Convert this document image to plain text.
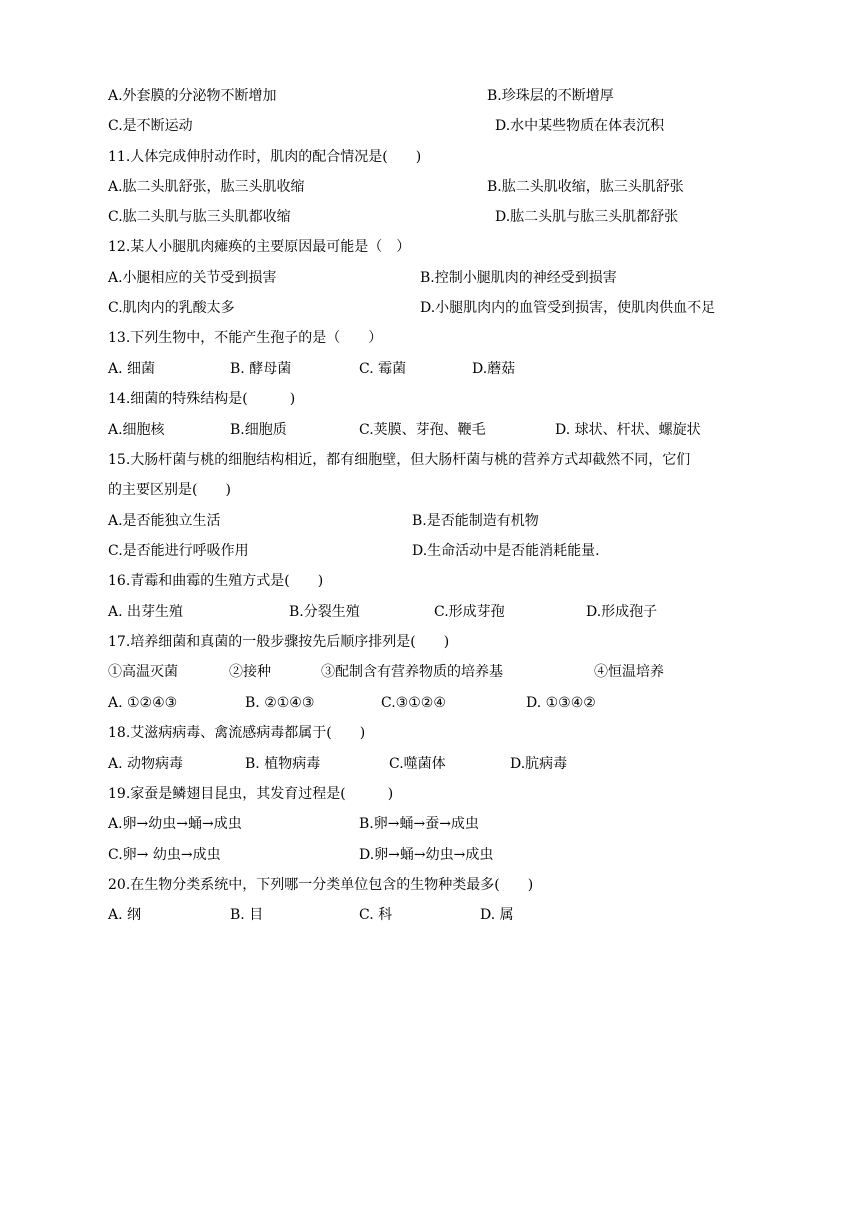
A.外套膜的分泌物不断增加	B.珍珠层的不断增厚
C.是不断运动	D.水中某些物质在体表沉积
11.人体完成伸肘动作时，肌肉的配合情况是(　　)
A.肱二头肌舒张，肱三头肌收缩	B.肱二头肌收缩，肱三头肌舒张
C.肱二头肌与肱三头肌都收缩	D.肱二头肌与肱三头肌都舒张
12.某人小腿肌肉瘫痪的主要原因最可能是（　）
A.小腿相应的关节受到损害	B.控制小腿肌肉的神经受到损害
C.肌肉内的乳酸太多	D.小腿肌肉内的血管受到损害，使肌肉供血不足
13.下列生物中，不能产生孢子的是（　　）
A. 细菌	B. 酵母菌	C. 霉菌	D.蘑菇
14.细菌的特殊结构是(　　　)
A.细胞核	B.细胞质	C.荚膜、芽孢、鞭毛	D. 球状、杆状、螺旋状
15.大肠杆菌与桃的细胞结构相近，都有细胞壁，但大肠杆菌与桃的营养方式却截然不同，它们
的主要区别是(　　)
A.是否能独立生活	B.是否能制造有机物
C.是否能进行呼吸作用	D.生命活动中是否能消耗能量.
16.青霉和曲霉的生殖方式是(　　)
A. 出芽生殖	B.分裂生殖	C.形成芽孢	D.形成孢子
17.培养细菌和真菌的一般步骤按先后顺序排列是(　　)
①高温灭菌	②接种	③配制含有营养物质的培养基	④恒温培养
A. ①②④③	B. ②①④③	C.③①②④	D. ①③④②
18.艾滋病病毒、禽流感病毒都属于(　　)
A. 动物病毒	B. 植物病毒	C.噬菌体	D.肮病毒
19.家蚕是鳞翅目昆虫，其发育过程是(　　　)
A.卵→幼虫→蛹→成虫	B.卵→蛹→蚕→成虫
C.卵→ 幼虫→成虫	D.卵→蛹→幼虫→成虫
20.在生物分类系统中，下列哪一分类单位包含的生物种类最多(　　)
A. 纲	B. 目	C. 科	D. 属
